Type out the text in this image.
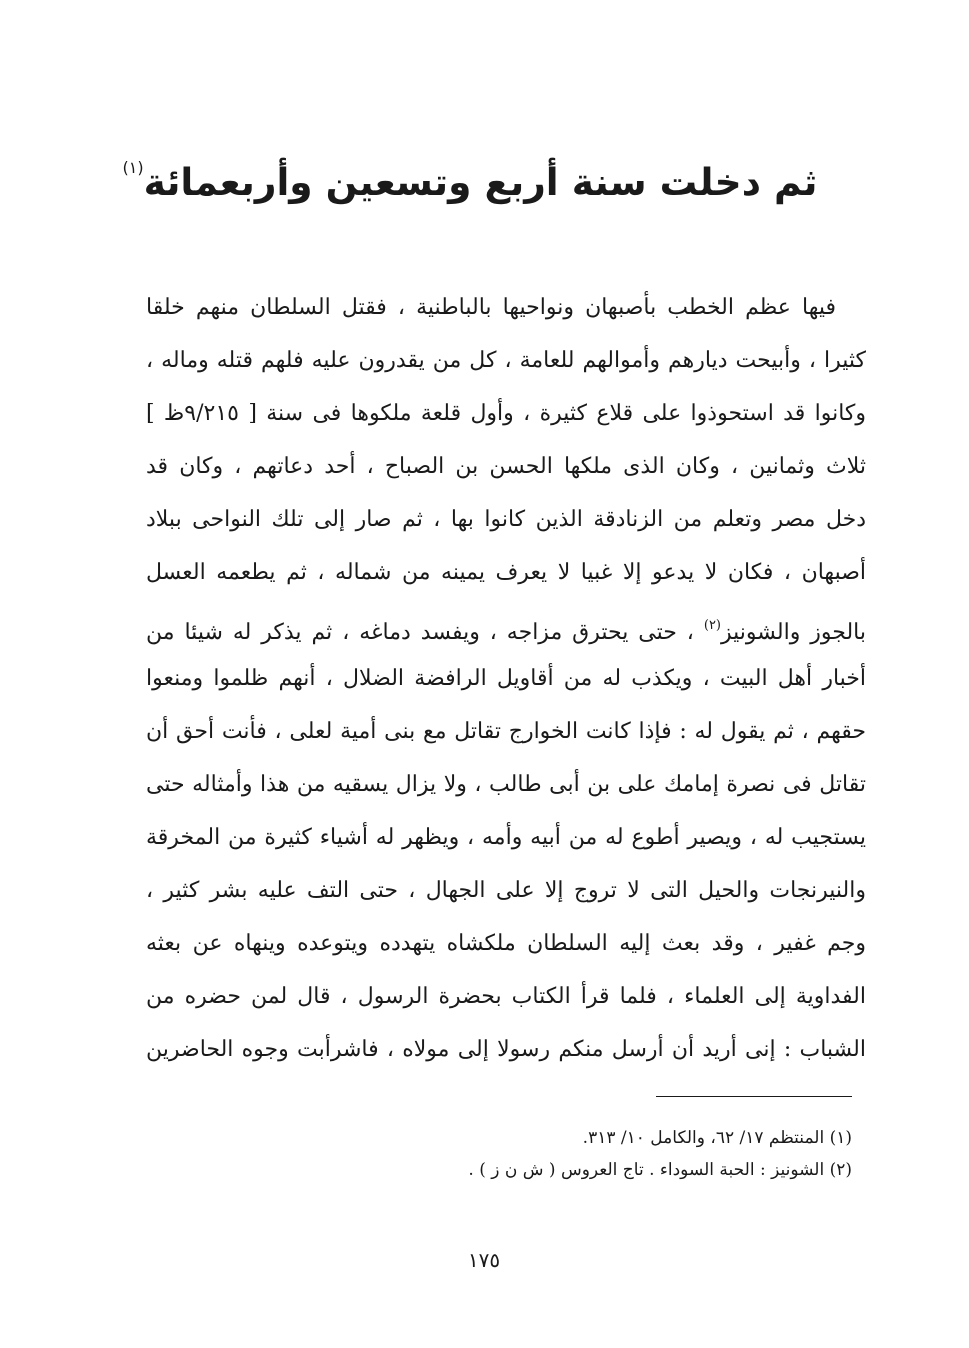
ثم دخلت سنة أربع وتسعين وأربعمائة$^{(١)}$
فيها عظم الخطب بأصبهان ونواحيها بالباطنية ، فقتل السلطان منهم خلقا
كثيرا ، وأبيحت ديارهم وأموالهم للعامة ، كل من يقدرون عليه فلهم قتله وماله ،
وكانوا قد استحوذوا على قلاع كثيرة ، وأول قلعة ملكوها فى سنة [ ٩/٢١٥ظ ]
ثلاث وثمانين ، وكان الذى ملكها الحسن بن الصباح ، أحد دعاتهم ، وكان قد
دخل مصر وتعلم من الزنادقة الذين كانوا بها ، ثم صار إلى تلك النواحى ببلاد
أصبهان ، فكان لا يدعو إلا غبيا لا يعرف يمينه من شماله ، ثم يطعمه العسل
بالجوز والشونيز$^{(٢)}$ ، حتى يحترق مزاجه ، ويفسد دماغه ، ثم يذكر له شيئا من
أخبار أهل البيت ، ويكذب له من أقاويل الرافضة الضلال ، أنهم ظلموا ومنعوا
حقهم ، ثم يقول له : فإذا كانت الخوارج تقاتل مع بنى أمية لعلى ، فأنت أحق أن
تقاتل فى نصرة إمامك على بن أبى طالب ، ولا يزال يسقيه من هذا وأمثاله حتى
يستجيب له ، ويصير أطوع له من أبيه وأمه ، ويظهر له أشياء كثيرة من المخرقة
والنيرنجات والحيل التى لا تروج إلا على الجهال ، حتى التف عليه بشر كثير ،
وجم غفير ، وقد بعث إليه السلطان ملكشاه يتهدده ويتوعده وينهاه عن بعثه
الفداوية إلى العلماء ، فلما قرأ الكتاب بحضرة الرسول ، قال لمن حضره من
الشباب : إنى أريد أن أرسل منكم رسولا إلى مولاه ، فاشرأبت وجوه الحاضرين
(١) المنتظم ١٧/ ٦٢، والكامل ١٠/ ٣١٣.
(٢) الشونيز : الحبة السوداء . تاج العروس ( ش ن ز ) .
١٧٥
